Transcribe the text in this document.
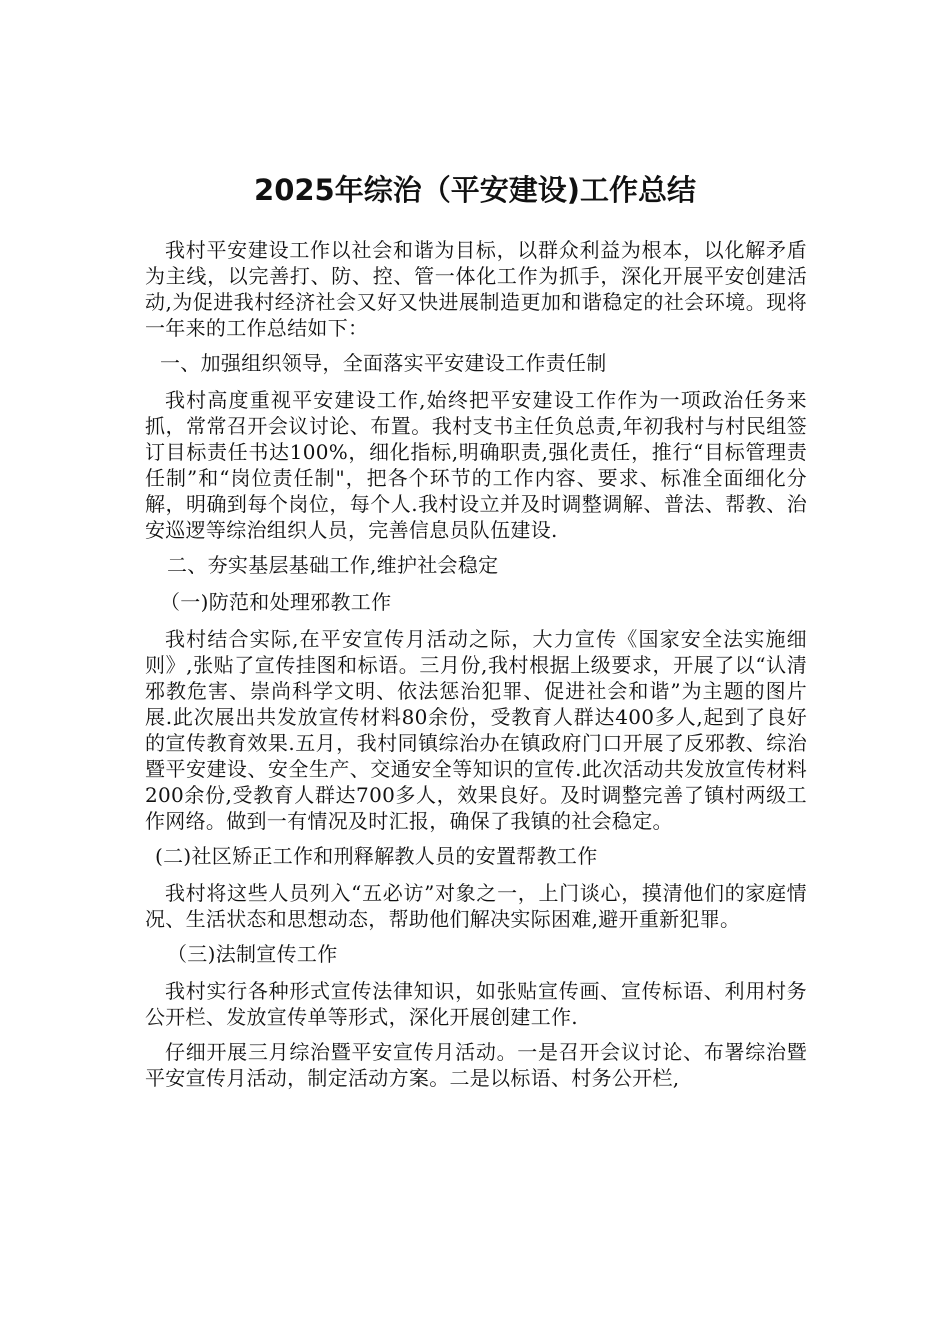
2025年综治（平安建设)工作总结

我村平安建设工作以社会和谐为目标，以群众利益为根本，以化解矛盾为主线，以完善打、防、控、管一体化工作为抓手，深化开展平安创建活动,为促进我村经济社会又好又快进展制造更加和谐稳定的社会环境。现将一年来的工作总结如下：

一、加强组织领导，全面落实平安建设工作责任制

我村高度重视平安建设工作,始终把平安建设工作作为一项政治任务来抓，常常召开会议讨论、布置。我村支书主任负总责,年初我村与村民组签订目标责任书达100%，细化指标,明确职责,强化责任，推行“目标管理责任制”和“岗位责任制"，把各个环节的工作内容、要求、标准全面细化分解，明确到每个岗位，每个人.我村设立并及时调整调解、普法、帮教、治安巡逻等综治组织人员，完善信息员队伍建设.

二、夯实基层基础工作,维护社会稳定

（一)防范和处理邪教工作

我村结合实际,在平安宣传月活动之际，大力宣传《国家安全法实施细则》,张贴了宣传挂图和标语。三月份,我村根据上级要求，开展了以“认清邪教危害、崇尚科学文明、依法惩治犯罪、促进社会和谐”为主题的图片展.此次展出共发放宣传材料80余份，受教育人群达400多人,起到了良好的宣传教育效果.五月，我村同镇综治办在镇政府门口开展了反邪教、综治暨平安建设、安全生产、交通安全等知识的宣传.此次活动共发放宣传材料200余份,受教育人群达700多人，效果良好。及时调整完善了镇村两级工作网络。做到一有情况及时汇报，确保了我镇的社会稳定。

(二)社区矫正工作和刑释解教人员的安置帮教工作

我村将这些人员列入“五必访”对象之一，上门谈心，摸清他们的家庭情况、生活状态和思想动态，帮助他们解决实际困难,避开重新犯罪。

（三)法制宣传工作

我村实行各种形式宣传法律知识，如张贴宣传画、宣传标语、利用村务公开栏、发放宣传单等形式，深化开展创建工作.

仔细开展三月综治暨平安宣传月活动。一是召开会议讨论、布署综治暨平安宣传月活动，制定活动方案。二是以标语、村务公开栏,
